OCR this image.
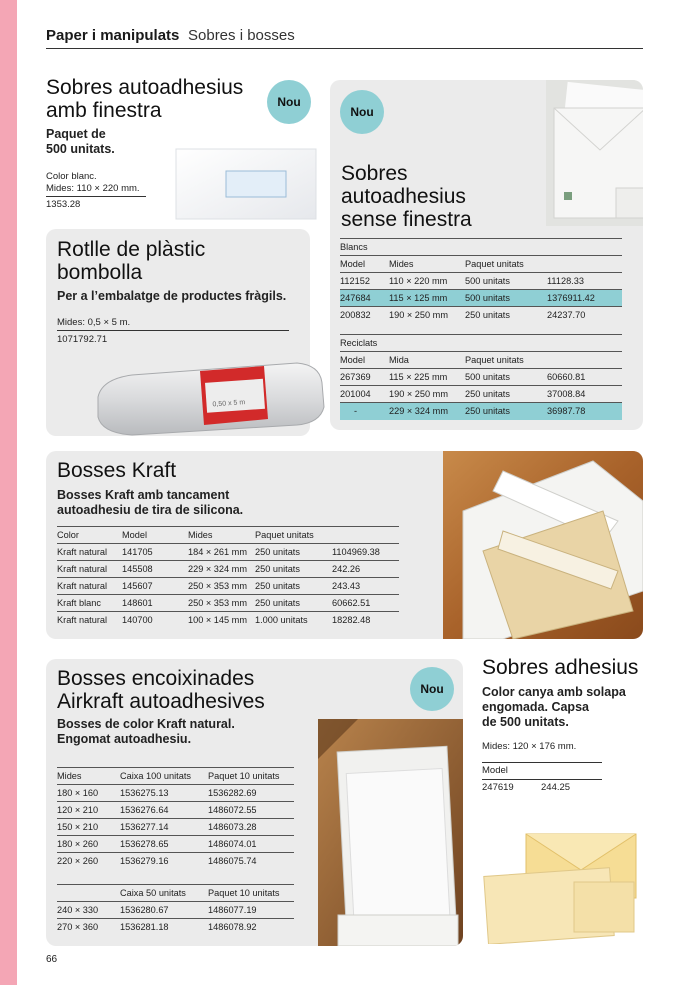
Paper i manipulats Sobres i bosses
Sobres autoadhesius
amb finestra	Nou
Paquet de
500 unitats.
Color blanc.
Mides: 110 × 220 mm.
1353.28
Rotlle de plàstic
bombolla
Per a l’embalatge de productes fràgils.
Mides: 0,5 × 5 m.
1071792.71
0,50 x 5 m
Nou
Sobres
autoadhesius
sense finestra
Blancs			
Model	Mides	Paquet unitats	
112152	110 × 220 mm	500 unitats	11128.33
247684	115 × 125 mm	500 unitats	1376911.42
200832	190 × 250 mm	250 unitats	24237.70
Reciclats			
Model	Mida	Paquet unitats	
267369	115 × 225 mm	500 unitats	60660.81
201004	190 × 250 mm	250 unitats	37008.84
-	229 × 324 mm	250 unitats	36987.78
Bosses Kraft
Bosses Kraft amb tancament
autoadhesiu de tira de silicona.
Color	Model	Mides	Paquet unitats	
Kraft natural	141705	184 × 261 mm	250 unitats	1104969.38
Kraft natural	145508	229 × 324 mm	250 unitats	242.26
Kraft natural	145607	250 × 353 mm	250 unitats	243.43
Kraft blanc	148601	250 × 353 mm	250 unitats	60662.51
Kraft natural	140700	100 × 145 mm	1.000 unitats	18282.48
Bosses encoixinades
Airkraft autoadhesives
Nou
Bosses de color Kraft natural.
Engomat autoadhesiu.
Mides	Caixa 100 unitats	Paquet 10 unitats
180 × 160	1536275.13	1536282.69
120 × 210	1536276.64	1486072.55
150 × 210	1536277.14	1486073.28
180 × 260	1536278.65	1486074.01
220 × 260	1536279.16	1486075.74
	Caixa 50 unitats	Paquet 10 unitats
240 × 330	1536280.67	1486077.19
270 × 360	1536281.18	1486078.92
Sobres adhesius
Color canya amb solapa
engomada. Capsa
de 500 unitats.
Mides: 120 × 176 mm.
Model
247619	244.25
66
